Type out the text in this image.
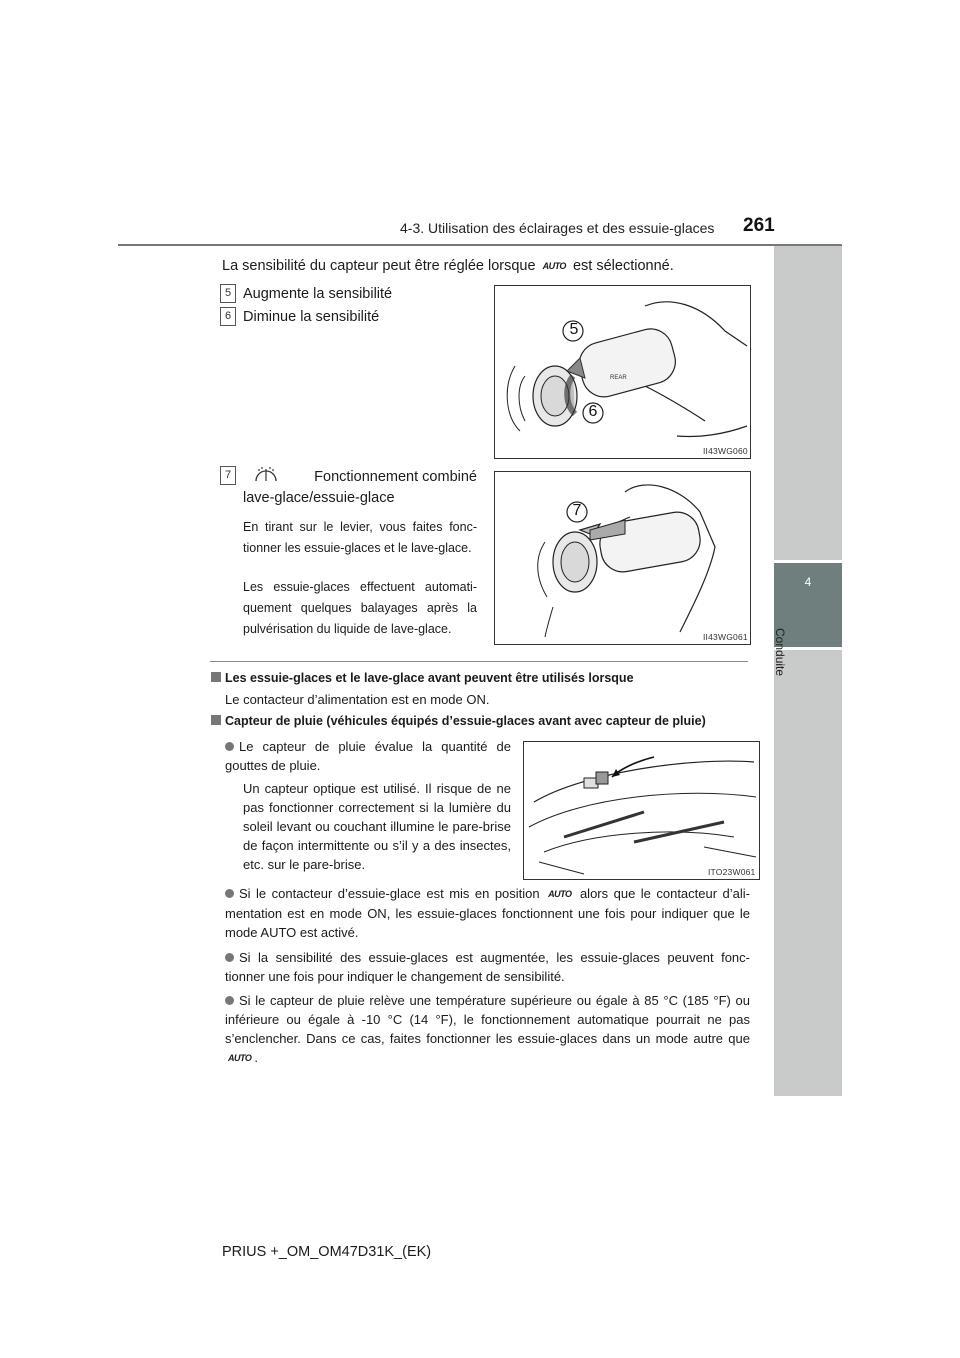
4-3. Utilisation des éclairages et des essuie-glaces 261
4
Conduite
La sensibilité du capteur peut être réglée lorsque AUTO est sélectionné.
5 Augmente la sensibilité
6 Diminue la sensibilité
REAR
5
6
II43WG060
7	Fonctionnement combiné
lave-glace/essuie-glace
En tirant sur le levier, vous faites fonc-tionner les essuie-glaces et le lave-glace.
Les essuie-glaces effectuent automati-quement quelques balayages après la pulvérisation du liquide de lave-glace.
7
II43WG061
Les essuie-glaces et le lave-glace avant peuvent être utilisés lorsque
Le contacteur d’alimentation est en mode ON.
Capteur de pluie (véhicules équipés d’essuie-glaces avant avec capteur de pluie)
Le capteur de pluie évalue la quantité de gouttes de pluie.
Un capteur optique est utilisé. Il risque de ne pas fonctionner correctement si la lumière du soleil levant ou couchant illumine le pare-brise de façon intermittente ou s’il y a des insectes, etc. sur le pare-brise.	ITO23W061
Si le contacteur d’essuie-glace est mis en position AUTO alors que le contacteur d’ali-mentation est en mode ON, les essuie-glaces fonctionnent une fois pour indiquer que le mode AUTO est activé.
Si la sensibilité des essuie-glaces est augmentée, les essuie-glaces peuvent fonc-tionner une fois pour indiquer le changement de sensibilité.
Si le capteur de pluie relève une température supérieure ou égale à 85 °C (185 °F) ou inférieure ou égale à -10 °C (14 °F), le fonctionnement automatique pourrait ne pas s’enclencher. Dans ce cas, faites fonctionner les essuie-glaces dans un mode autre que AUTO .
PRIUS +_OM_OM47D31K_(EK)
